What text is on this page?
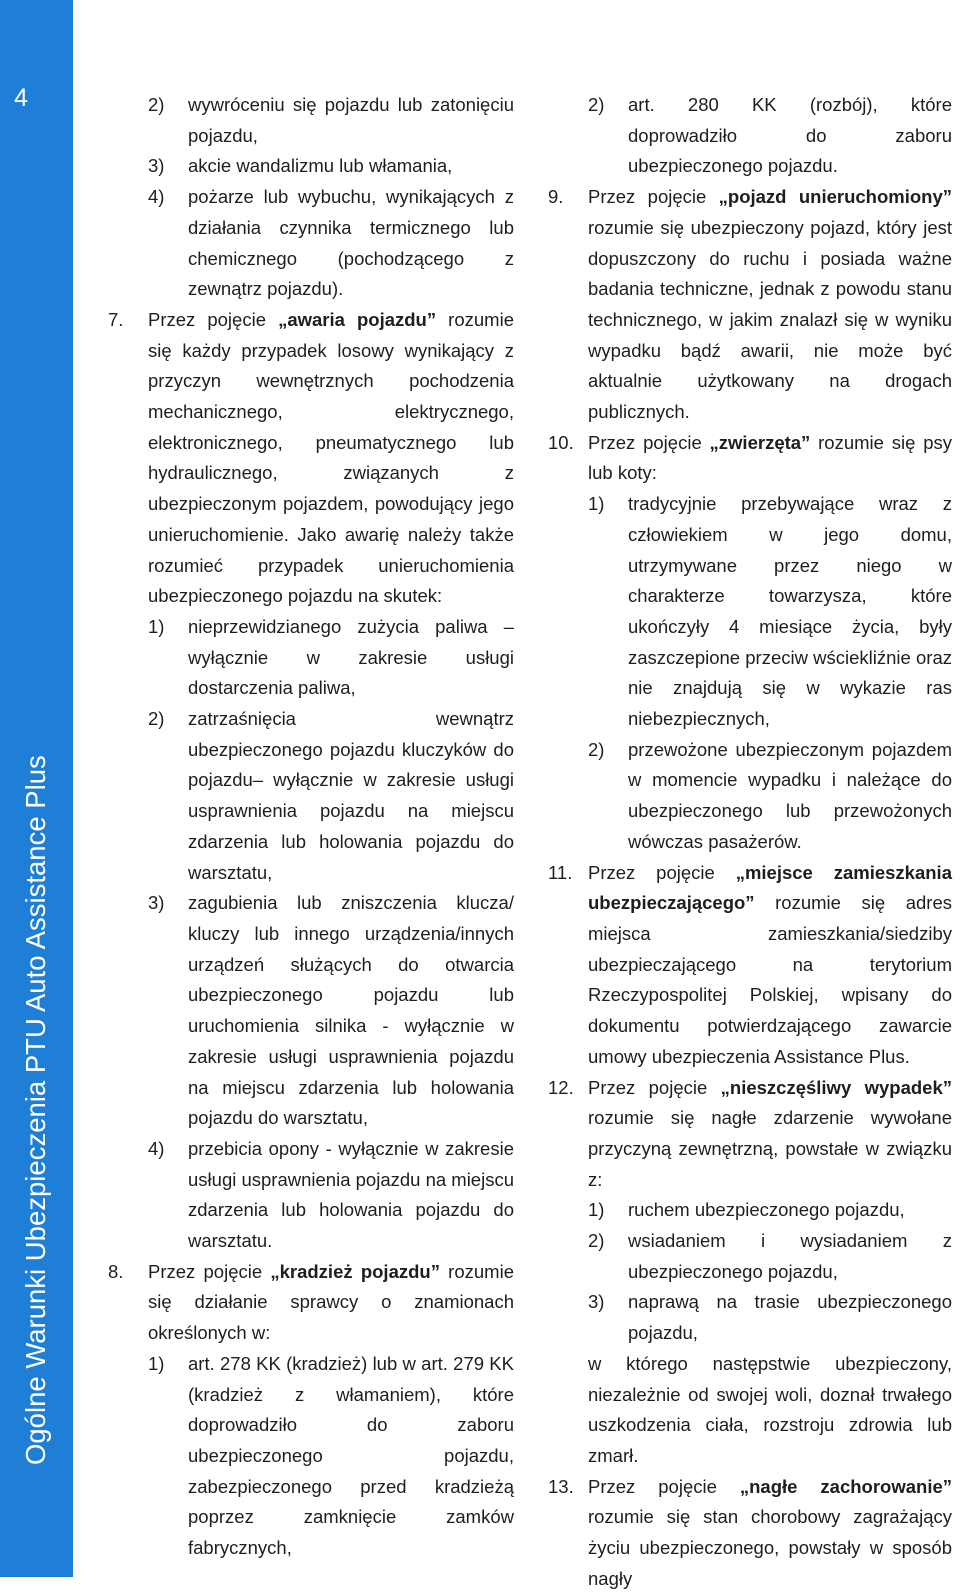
4
Ogólne Warunki Ubezpieczenia PTU Auto Assistance Plus
2)	wywróceniu się pojazdu lub zatonięciu pojazdu,
3)	akcie wandalizmu lub włamania,
4)	pożarze lub wybuchu, wynikających z działania czynnika termicznego lub chemicznego (pochodzącego z zewnątrz pojazdu).
7.	Przez pojęcie „awaria pojazdu” rozumie się każdy przypadek losowy wynikający z przyczyn wewnętrznych pochodzenia mechanicznego, elektrycznego, elektronicznego, pneumatycznego lub hydraulicznego, związanych z ubezpieczonym pojazdem, powodujący jego unieruchomienie. Jako awarię należy także rozumieć przypadek unieruchomienia ubezpieczonego pojazdu na skutek:
1)	nieprzewidzianego zużycia paliwa – wyłącznie w zakresie usługi dostarczenia paliwa,
2)	zatrzaśnięcia wewnątrz ubezpieczonego pojazdu kluczyków do pojazdu– wyłącznie w zakresie usługi usprawnienia pojazdu na miejscu zdarzenia lub holowania pojazdu do warsztatu,
3)	zagubienia lub zniszczenia klucza/ kluczy lub innego urządzenia/innych urządzeń służących do otwarcia ubezpieczonego pojazdu lub uruchomienia silnika - wyłącznie w zakresie usługi usprawnienia pojazdu na miejscu zdarzenia lub holowania pojazdu do warsztatu,
4)	przebicia opony - wyłącznie w zakresie usługi usprawnienia pojazdu na miejscu zdarzenia lub holowania pojazdu do warsztatu.
8.	Przez pojęcie „kradzież pojazdu” rozumie się działanie sprawcy o znamionach określonych w:
1)	art. 278 KK (kradzież) lub w art. 279 KK (kradzież z włamaniem), które doprowadziło do zaboru ubezpieczonego pojazdu, zabezpieczonego przed kradzieżą poprzez zamknięcie zamków fabrycznych,
2)	art. 280 KK (rozbój), które doprowadziło do zaboru ubezpieczonego pojazdu.
9.	Przez pojęcie „pojazd unieruchomiony” rozumie się ubezpieczony pojazd, który jest dopuszczony do ruchu i posiada ważne badania techniczne, jednak z powodu stanu technicznego, w jakim znalazł się w wyniku wypadku bądź awarii, nie może być aktualnie użytkowany na drogach publicznych.
10. Przez pojęcie „zwierzęta” rozumie się psy lub koty:
1)	tradycyjnie przebywające wraz z człowiekiem w jego domu, utrzymywane przez niego w charakterze towarzysza, które ukończyły 4 miesiące życia, były zaszczepione przeciw wściekliźnie oraz nie znajdują się w wykazie ras niebezpiecznych,
2)	przewożone ubezpieczonym pojazdem w momencie wypadku i należące do ubezpieczonego lub przewożonych wówczas pasażerów.
11. Przez pojęcie „miejsce zamieszkania ubezpieczającego” rozumie się adres miejsca zamieszkania/siedziby ubezpieczającego na terytorium Rzeczypospolitej Polskiej, wpisany do dokumentu potwierdzającego zawarcie umowy ubezpieczenia Assistance Plus.
12. Przez pojęcie „nieszczęśliwy wypadek” rozumie się nagłe zdarzenie wywołane przyczyną zewnętrzną, powstałe w związku z:
1)	ruchem ubezpieczonego pojazdu,
2)	wsiadaniem i wysiadaniem z ubezpieczonego pojazdu,
3)	naprawą na trasie ubezpieczonego pojazdu,
w którego następstwie ubezpieczony, niezależnie od swojej woli, doznał trwałego uszkodzenia ciała, rozstroju zdrowia lub zmarł.
13. Przez pojęcie „nagłe zachorowanie” rozumie się stan chorobowy zagrażający życiu ubezpieczonego, powstały w sposób nagły
